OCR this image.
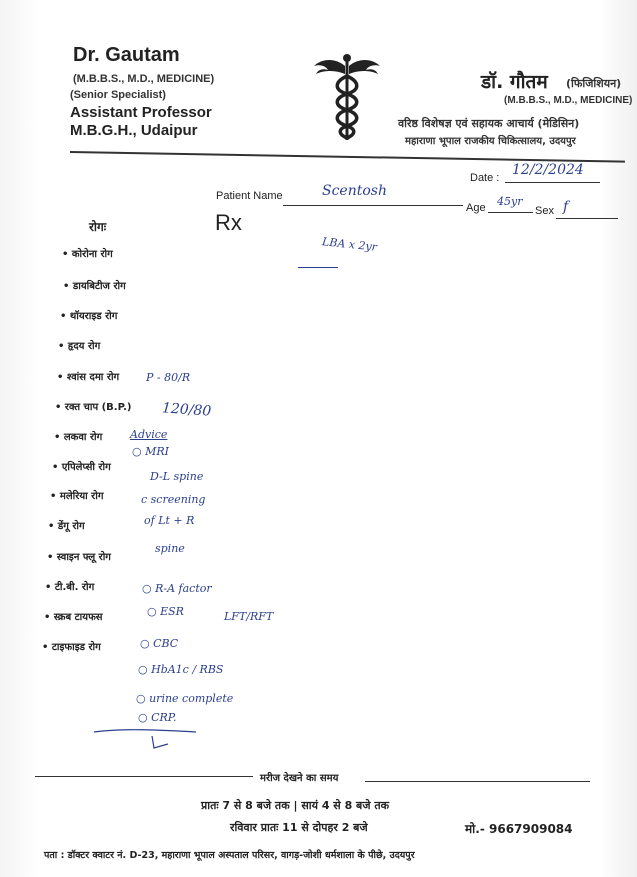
Dr. Gautam
(M.B.B.S., M.D., MEDICINE)
(Senior Specialist)
Assistant Professor
M.B.G.H., Udaipur
डॉ. गौतम (फिजिशियन)
(M.B.B.S., M.D., MEDICINE)
वरिष्ठ विशेषज्ञ एवं सहायक आचार्य (मेडिसिन)
महाराणा भूपाल राजकीय चिकित्सालय, उदयपुर
Date : 12/2/2024
Patient Name	Scentosh
Age 45yr
Sex f
रोगः	Rx
• कोरोना रोग
• डायबिटीज रोग
• थॉयराइड रोग
• हृदय रोग
• श्वांस दमा रोग
• रक्त चाप (B.P.)
• लकवा रोग
• एपिलेप्सी रोग
• मलेरिया रोग
• डेंगू रोग
• स्वाइन फ्लू रोग
• टी.बी. रोग
• स्क्रब टायफस
• टाइफाइड रोग
LBA x 2yr
P - 80/R
120/80
Advice
○ MRI
D-L spine
c screening
of Lt + R
spine
○ R-A factor
○ ESR	LFT/RFT
○ CBC
○ HbA1c / RBS
○ urine complete
○ CRP.
मरीज देखने का समय
प्रातः 7 से 8 बजे तक | सायं 4 से 8 बजे तक
रविवार प्रातः 11 से दोपहर 2 बजे	मो.- 9667909084
पता : डॉक्टर क्वाटर नं. D-23, महाराणा भूपाल अस्पताल परिसर, वागड़-जोशी धर्मशाला के पीछे, उदयपुर
